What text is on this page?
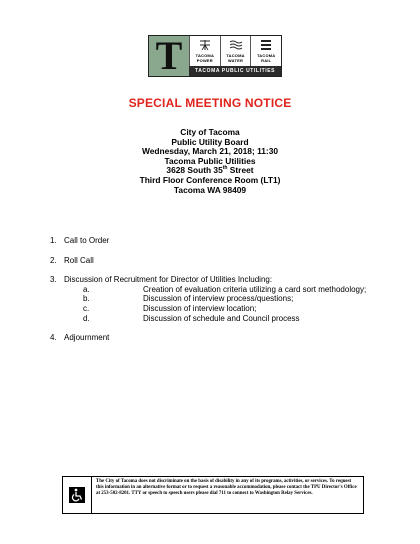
T	TACOMA
POWER
TACOMA
WATER
TACOMA
RAIL
TACOMA PUBLIC UTILITIES
SPECIAL MEETING NOTICE
City of Tacoma
Public Utility Board
Wednesday, March 21, 2018; 11:30
Tacoma Public Utilities
3628 South 35th Street
Third Floor Conference Room (LT1)
Tacoma WA 98409
1. Call to Order
2. Roll Call
3. Discussion of Recruitment for Director of Utilities Including:
a.	Creation of evaluation criteria utilizing a card sort methodology;
b.	Discussion of interview process/questions;
c.	Discussion of interview location;
d.	Discussion of schedule and Council process
4. Adjournment
The City of Tacoma does not discriminate on the basis of disability in any of its programs, activities, or services. To request this information in an alternative format or to request a reasonable accommodation, please contact the TPU Director's Office at 253-502-8201. TTY or speech to speech users please dial 711 to connect to Washington Relay Services.
